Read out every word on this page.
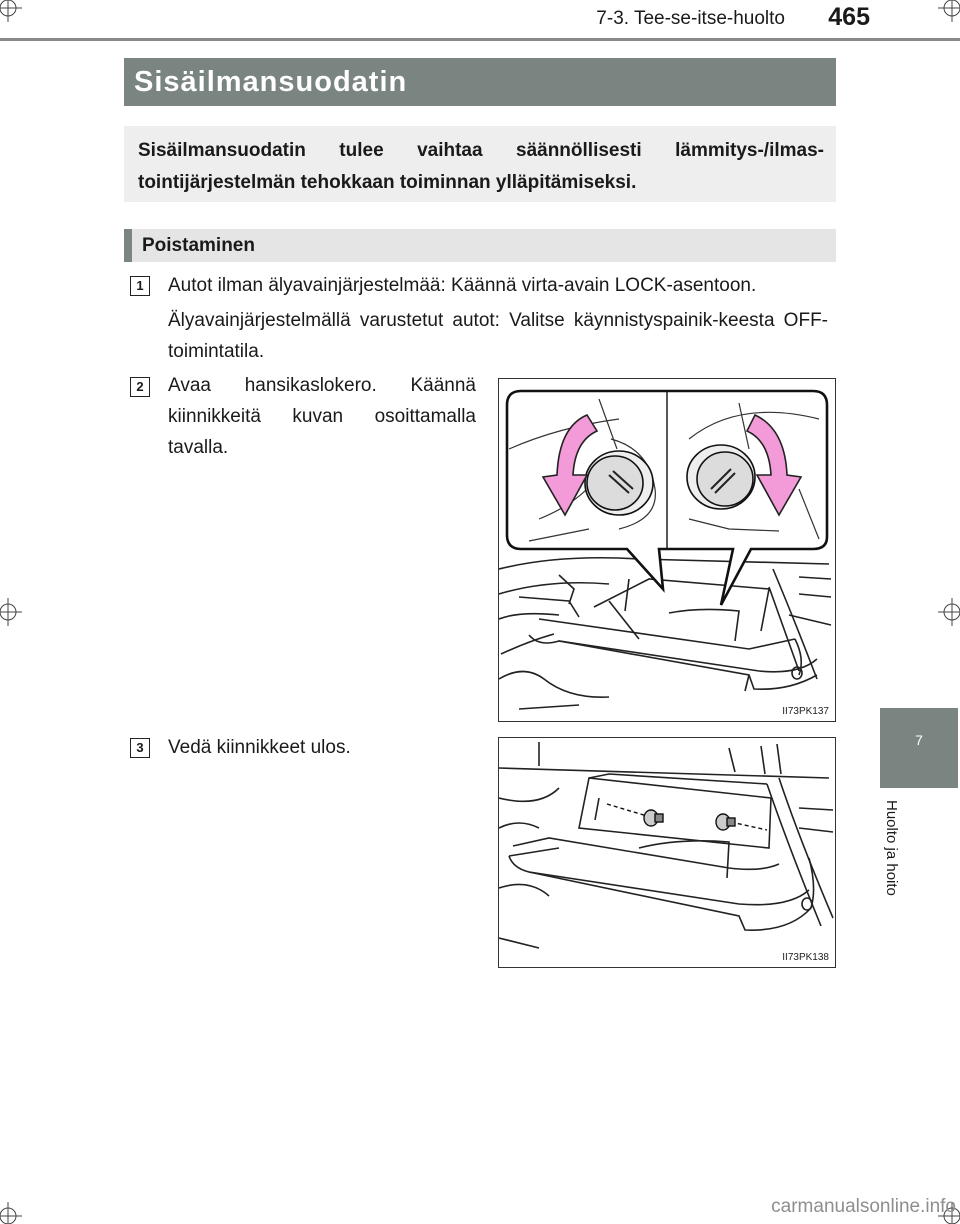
7-3. Tee-se-itse-huolto	465
Sisäilmansuodatin
Sisäilmansuodatin tulee vaihtaa säännöllisesti lämmitys-/ilmas-tointijärjestelmän tehokkaan toiminnan ylläpitämiseksi.
Poistaminen
1	Autot ilman älyavainjärjestelmää: Käännä virta-avain LOCK-asentoon.
Älyavainjärjestelmällä varustetut autot: Valitse käynnistyspainik-keesta OFF-toimintatila.
2	Avaa hansikaslokero. Käännä kiinnikkeitä kuvan osoittamalla tavalla.
II73PK137
3	Vedä kiinnikkeet ulos.
II73PK138
7
Huolto ja hoito
carmanualsonline.info
